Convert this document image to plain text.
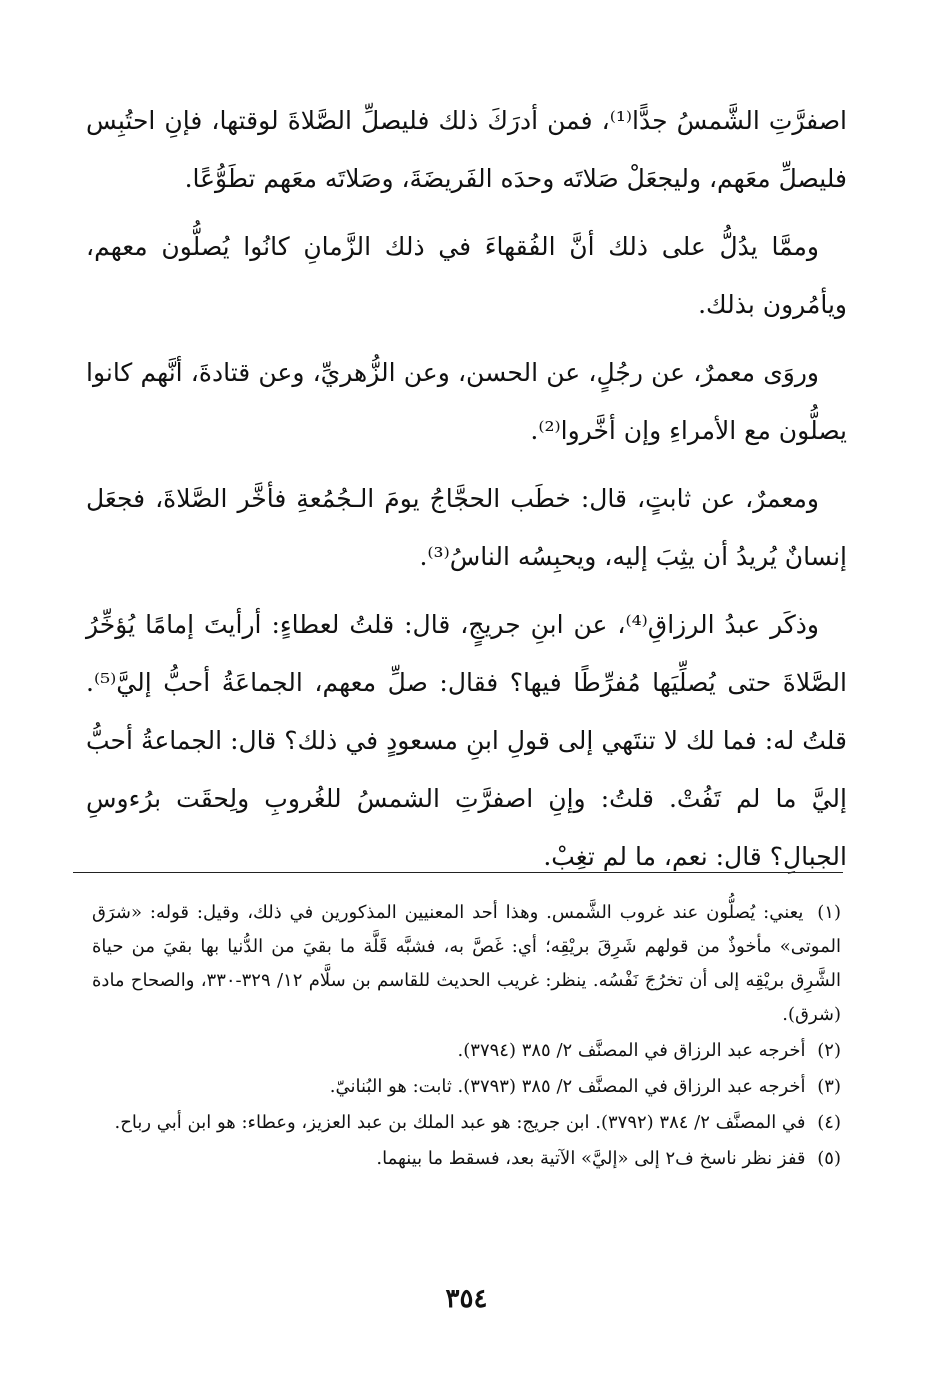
اصفرَّتِ الشَّمسُ جدًّا⁽¹⁾، فمن أدرَكَ ذلك فليصلِّ الصَّلاةَ لوقتها، فإنِ احتُبِس فليصلِّ معَهم، وليجعَلْ صَلاتَه وحدَه الفَريضَةَ، وصَلاتَه معَهم تطَوُّعًا.

وممَّا يدُلُّ على ذلك أنَّ الفُقهاءَ في ذلك الزَّمانِ كانُوا يُصلُّون معهم، ويأمُرون بذلك.

وروَى معمرٌ، عن رجُلٍ، عن الحسن، وعن الزُّهريِّ، وعن قتادةَ، أنَّهم كانوا يصلُّون مع الأمراءِ وإن أخَّروا⁽²⁾.

ومعمرٌ، عن ثابتٍ، قال: خطَب الحجَّاجُ يومَ الـجُمُعةِ فأخَّر الصَّلاةَ، فجعَل إنسانٌ يُريدُ أن يثِبَ إليه، ويحبِسُه الناسُ⁽³⁾.

وذكَر عبدُ الرزاقِ⁽⁴⁾، عن ابنِ جريجٍ، قال: قلتُ لعطاءٍ: أرأيتَ إمامًا يُؤخِّرُ الصَّلاةَ حتى يُصلِّيَها مُفرِّطًا فيها؟ فقال: صلِّ معهم، الجماعَةُ أحبُّ إليَّ⁽⁵⁾. قلتُ له: فما لك لا تنتَهي إلى قولِ ابنِ مسعودٍ في ذلك؟ قال: الجماعةُ أحبُّ إليَّ ما لم تَفُتْ. قلتُ: وإنِ اصفرَّتِ الشمسُ للغُروبِ ولِحقَت برُءوسِ الجبالِ؟ قال: نعم، ما لم تغِبْ.

(١) يعني: يُصلُّون عند غروب الشَّمس. وهذا أحد المعنيين المذكورين في ذلك، وقيل: قوله: «شرَق الموتى» مأخوذٌ من قولهم شَرِقَ بريْقِه؛ أي: غَصَّ به، فشبَّه قَلَّة ما بقيَ من الدُّنيا بها بقيَ من حياة الشَّرِق بريْقِه إلى أن تخرُجَ نَفْسُه. ينظر: غريب الحديث للقاسم بن سلَّام ١٢/ ٣٢٩-٣٣٠، والصحاح مادة (شرق).

(٢) أخرجه عبد الرزاق في المصنَّف ٢/ ٣٨٥ (٣٧٩٤).

(٣) أخرجه عبد الرزاق في المصنَّف ٢/ ٣٨٥ (٣٧٩٣). ثابت: هو البُنانيّ.

(٤) في المصنَّف ٢/ ٣٨٤ (٣٧٩٢). ابن جريج: هو عبد الملك بن عبد العزيز، وعطاء: هو ابن أبي رباح.

(٥) قفز نظر ناسخ ف٢ إلى «إليَّ» الآتية بعد، فسقط ما بينهما.

٣٥٤
